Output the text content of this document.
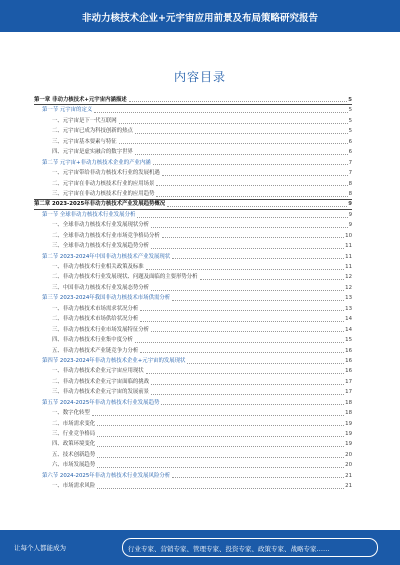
非动力核技术企业+元宇宙应用前景及布局策略研究报告
内容目录
第一章 非动力核技术+元宇宙内涵描述	5
第一节 元宇宙的定义	5
一、元宇宙是下一代互联网	5
二、元宇宙已成为科技创新的热点	5
三、元宇宙基本要素与特征	6
四、元宇宙是虚实融合的数字世界	6
第二节 元宇宙+非动力核技术企业的产业内涵	7
一、元宇宙带给非动力核技术行业的发展机遇	7
二、元宇宙在非动力核技术行业的应用场景	8
三、元宇宙在非动力核技术行业的应用趋势	8
第二章 2023-2025年非动力核技术产业发展趋势概况	9
第一节 全球非动力核技术行业发展分析	9
一、全球非动力核技术行业发展现状分析	9
二、全球非动力核技术行业市场竞争格局分析	10
三、全球非动力核技术行业发展趋势分析	11
第二节 2023-2024年中国非动力核技术产业发展现状	11
一、非动力核技术行业相关政策及标准	11
二、非动力核技术行业发展现状、问题及面临的主要形势分析	12
三、中国非动力核技术行业发展态势分析	12
第三节 2023-2024年我国非动力核技术市场供需分析	13
一、非动力核技术市场需求状况分析	13
二、非动力核技术市场供给状况分析	14
三、非动力核技术行业市场发展特征分析	14
四、非动力核技术行业集中度分析	15
五、非动力核技术产业链竞争力分析	16
第四节 2023-2024年非动力核技术企业+元宇宙的发展现状	16
一、非动力核技术企业元宇宙应用现状	16
二、非动力核技术企业元宇宙面临的挑战	17
三、非动力核技术企业元宇宙的发展前景	17
第五节 2024-2025年非动力核技术行业发展趋势	18
一、数字化转型	18
二、市场需求变化	19
三、行业竞争格局	19
四、政策环境变化	19
五、技术创新趋势	20
六、市场发展趋势	20
第六节 2024-2025年非动力核技术行业发展风险分析	21
一、市场需求风险	21
让每个人都能成为	行业专家、营销专家、管理专家、投资专家、政策专家、战略专家……
